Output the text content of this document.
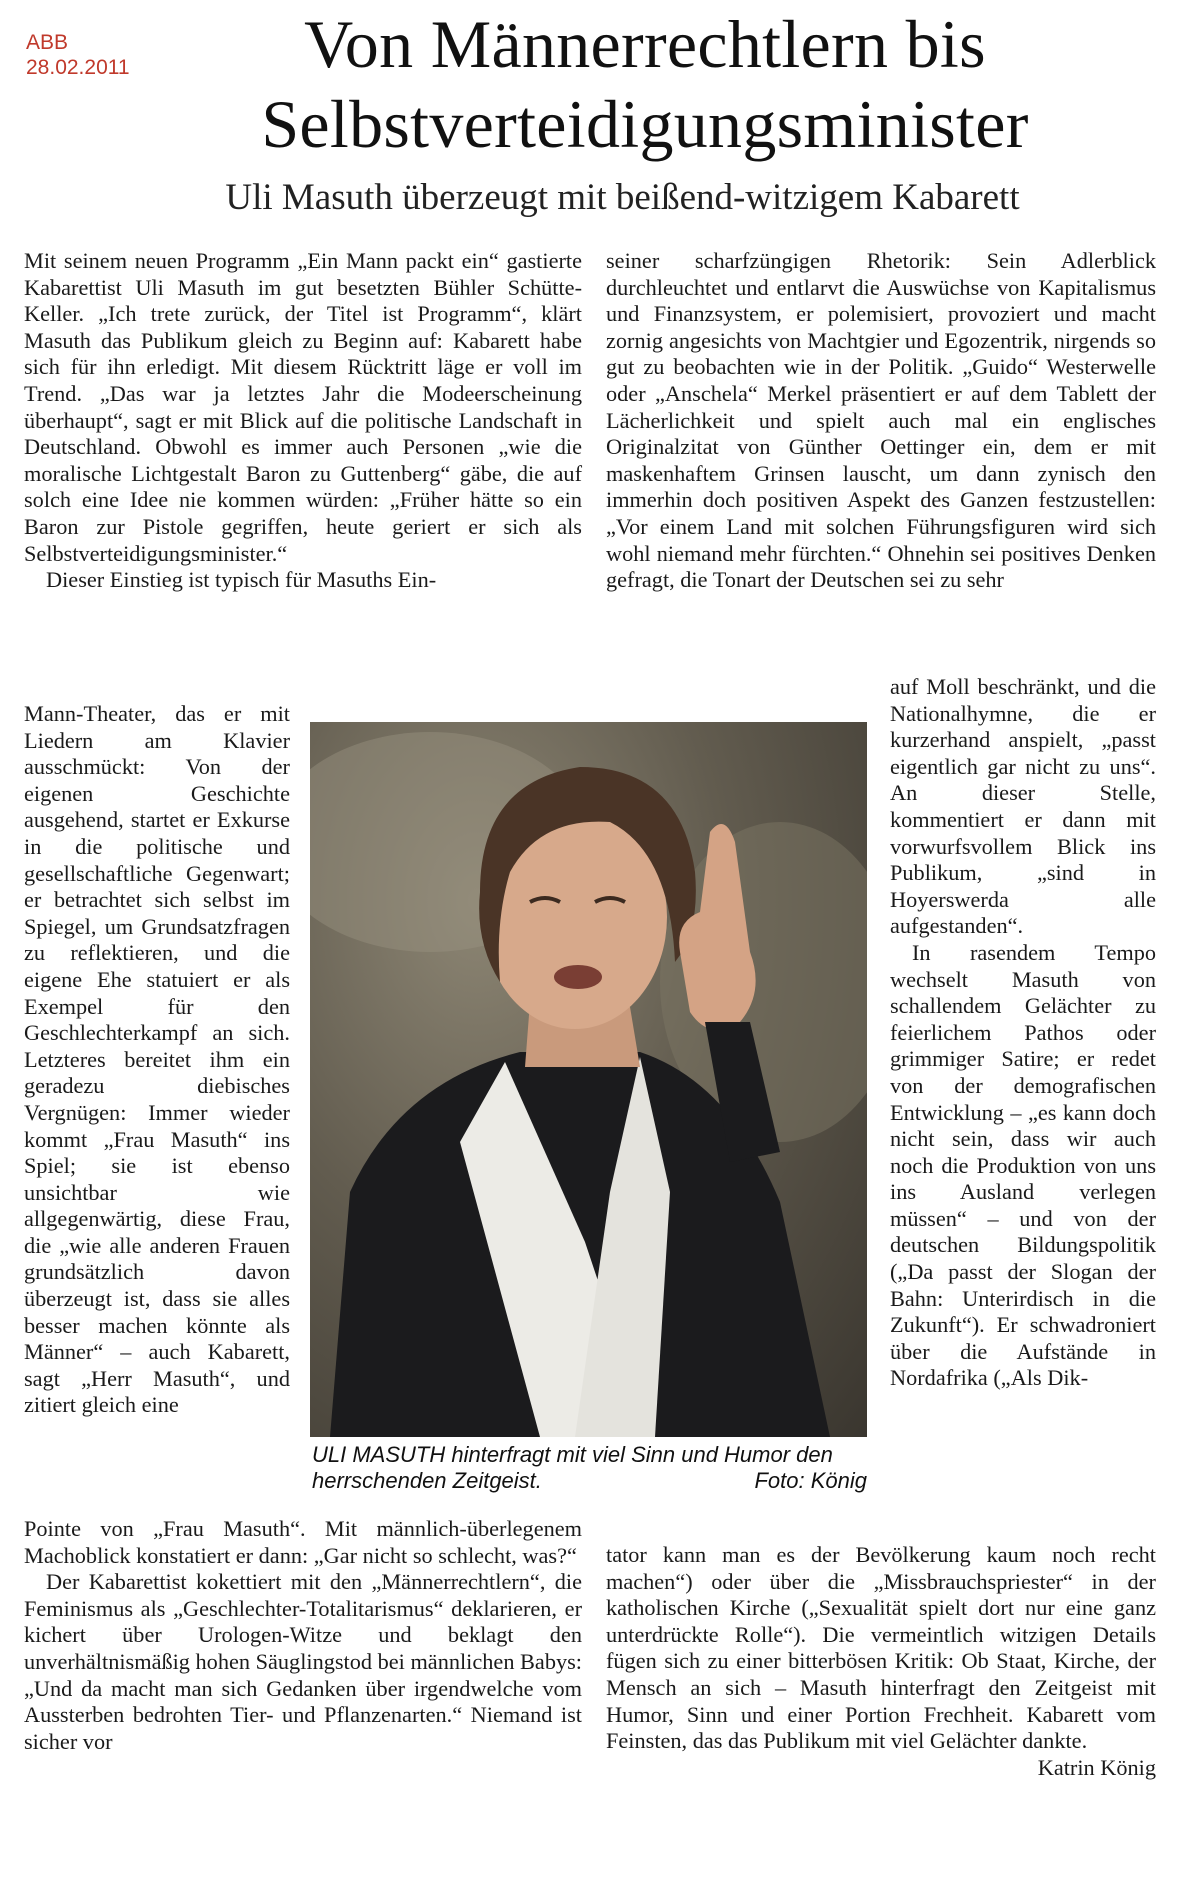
ABB
28.02.2011	Von Männerrechtlern bis Selbstverteidigungsminister
Uli Masuth überzeugt mit beißend-witzigem Kabarett

Mit seinem neuen Programm „Ein Mann packt ein“ gastierte Kabarettist Uli Masuth im gut besetzten Bühler Schütte-Keller. „Ich trete zurück, der Titel ist Programm“, klärt Masuth das Publikum gleich zu Beginn auf: Kabarett habe sich für ihn erledigt. Mit diesem Rücktritt läge er voll im Trend. „Das war ja letztes Jahr die Modeerscheinung überhaupt“, sagt er mit Blick auf die politische Landschaft in Deutschland. Obwohl es immer auch Personen „wie die moralische Lichtgestalt Baron zu Guttenberg“ gäbe, die auf solch eine Idee nie kommen würden: „Früher hätte so ein Baron zur Pistole gegriffen, heute geriert er sich als Selbstverteidigungsminister.“

Dieser Einstieg ist typisch für Masuths Ein-

Mann-Theater, das er mit Liedern am Klavier ausschmückt: Von der eigenen Geschichte ausgehend, startet er Exkurse in die politische und gesellschaftliche Gegenwart; er betrachtet sich selbst im Spiegel, um Grundsatzfragen zu reflektieren, und die eigene Ehe statuiert er als Exempel für den Geschlechterkampf an sich. Letzteres bereitet ihm ein geradezu diebisches Vergnügen: Immer wieder kommt „Frau Masuth“ ins Spiel; sie ist ebenso unsichtbar wie allgegenwärtig, diese Frau, die „wie alle anderen Frauen grundsätzlich davon überzeugt ist, dass sie alles besser machen könnte als Männer“ – auch Kabarett, sagt „Herr Masuth“, und zitiert gleich eine

Pointe von „Frau Masuth“. Mit männlich-überlegenem Machoblick konstatiert er dann: „Gar nicht so schlecht, was?“

Der Kabarettist kokettiert mit den „Männerrechtlern“, die Feminismus als „Geschlechter-Totalitarismus“ deklarieren, er kichert über Urologen-Witze und beklagt den unverhältnismäßig hohen Säuglingstod bei männlichen Babys: „Und da macht man sich Gedanken über irgendwelche vom Aussterben bedrohten Tier- und Pflanzenarten.“ Niemand ist sicher vor

seiner scharfzüngigen Rhetorik: Sein Adlerblick durchleuchtet und entlarvt die Auswüchse von Kapitalismus und Finanzsystem, er polemisiert, provoziert und macht zornig angesichts von Machtgier und Egozentrik, nirgends so gut zu beobachten wie in der Politik. „Guido“ Westerwelle oder „Anschela“ Merkel präsentiert er auf dem Tablett der Lächerlichkeit und spielt auch mal ein englisches Originalzitat von Günther Oettinger ein, dem er mit maskenhaftem Grinsen lauscht, um dann zynisch den immerhin doch positiven Aspekt des Ganzen festzustellen: „Vor einem Land mit solchen Führungsfiguren wird sich wohl niemand mehr fürchten.“ Ohnehin sei positives Denken gefragt, die Tonart der Deutschen sei zu sehr

auf Moll beschränkt, und die Nationalhymne, die er kurzerhand anspielt, „passt eigentlich gar nicht zu uns“. An dieser Stelle, kommentiert er dann mit vorwurfsvollem Blick ins Publikum, „sind in Hoyerswerda alle aufgestanden“.

In rasendem Tempo wechselt Masuth von schallendem Gelächter zu feierlichem Pathos oder grimmiger Satire; er redet von der demografischen Entwicklung – „es kann doch nicht sein, dass wir auch noch die Produktion von uns ins Ausland verlegen müssen“ – und von der deutschen Bildungspolitik („Da passt der Slogan der Bahn: Unterirdisch in die Zukunft“). Er schwadroniert über die Aufstände in Nordafrika („Als Dik-

tator kann man es der Bevölkerung kaum noch recht machen“) oder über die „Missbrauchspriester“ in der katholischen Kirche („Sexualität spielt dort nur eine ganz unterdrückte Rolle“). Die vermeintlich witzigen Details fügen sich zu einer bitterbösen Kritik: Ob Staat, Kirche, der Mensch an sich – Masuth hinterfragt den Zeitgeist mit Humor, Sinn und einer Portion Frechheit. Kabarett vom Feinsten, das das Publikum mit viel Gelächter dankte.

Katrin König

ULI MASUTH hinterfragt mit viel Sinn und Humor den herrschenden Zeitgeist.	Foto: König
